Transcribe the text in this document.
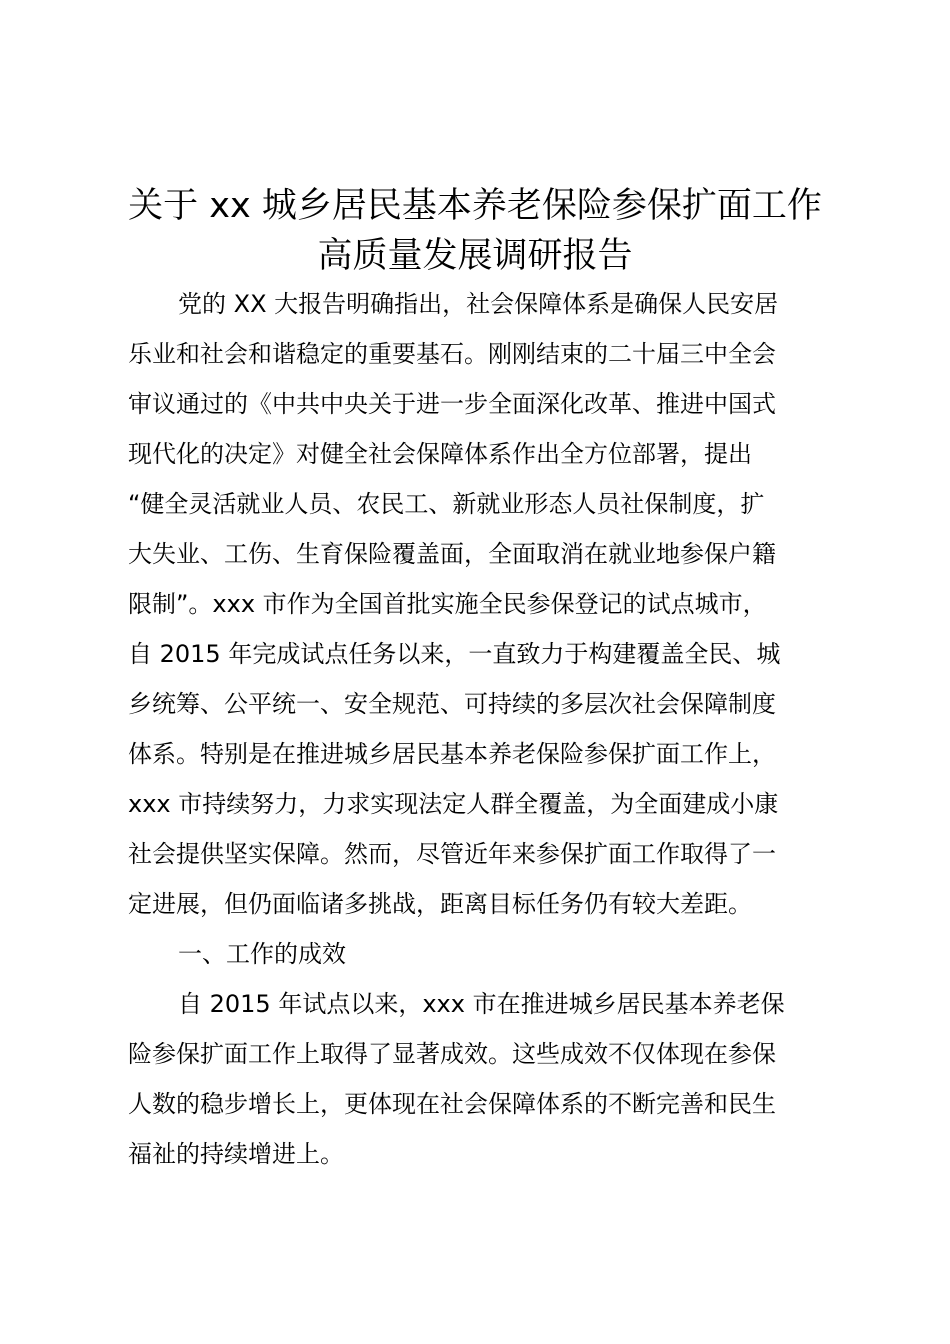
关于 xx 城乡居民基本养老保险参保扩面工作
高质量发展调研报告
党的 XX 大报告明确指出，社会保障体系是确保人民安居
乐业和社会和谐稳定的重要基石。刚刚结束的二十届三中全会
审议通过的《中共中央关于进一步全面深化改革、推进中国式
现代化的决定》对健全社会保障体系作出全方位部署，提出
“健全灵活就业人员、农民工、新就业形态人员社保制度，扩
大失业、工伤、生育保险覆盖面，全面取消在就业地参保户籍
限制”。xxx 市作为全国首批实施全民参保登记的试点城市，
自 2015 年完成试点任务以来，一直致力于构建覆盖全民、城
乡统筹、公平统一、安全规范、可持续的多层次社会保障制度
体系。特别是在推进城乡居民基本养老保险参保扩面工作上，
xxx 市持续努力，力求实现法定人群全覆盖，为全面建成小康
社会提供坚实保障。然而，尽管近年来参保扩面工作取得了一
定进展，但仍面临诸多挑战，距离目标任务仍有较大差距。
一、工作的成效
自 2015 年试点以来，xxx 市在推进城乡居民基本养老保
险参保扩面工作上取得了显著成效。这些成效不仅体现在参保
人数的稳步增长上，更体现在社会保障体系的不断完善和民生
福祉的持续增进上。
